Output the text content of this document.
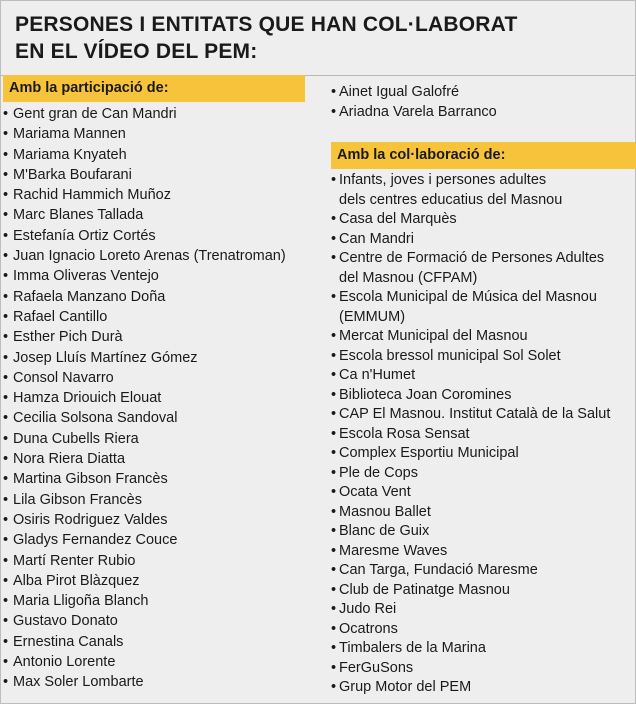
PERSONES I ENTITATS QUE HAN COL·LABORAT
EN EL VÍDEO DEL PEM:
Amb la participació de:
• Gent gran de Can Mandri
• Mariama Mannen
• Mariama Knyateh
• M'Barka Boufarani
• Rachid Hammich Muñoz
• Marc Blanes Tallada
• Estefanía Ortiz Cortés
• Juan Ignacio Loreto Arenas (Trenatroman)
• Imma Oliveras Ventejo
• Rafaela Manzano Doña
• Rafael Cantillo
• Esther Pich Durà
• Josep Lluís Martínez Gómez
• Consol Navarro
• Hamza Driouich Elouat
• Cecilia Solsona Sandoval
• Duna Cubells Riera
• Nora Riera Diatta
• Martina Gibson Francès
• Lila Gibson Francès
• Osiris Rodriguez Valdes
• Gladys Fernandez Couce
• Martí Renter Rubio
• Alba Pirot Blàzquez
• Maria Lligoña Blanch
• Gustavo Donato
• Ernestina Canals
• Antonio Lorente
• Max Soler Lombarte
• Ainet Igual Galofré
• Ariadna Varela Barranco
Amb la col·laboració de:
• Infants, joves i persones adultes
dels centres educatius del Masnou
• Casa del Marquès
• Can Mandri
• Centre de Formació de Persones Adultes
del Masnou (CFPAM)
• Escola Municipal de Música del Masnou
(EMMUM)
• Mercat Municipal del Masnou
• Escola bressol municipal Sol Solet
• Ca n'Humet
• Biblioteca Joan Coromines
• CAP El Masnou. Institut Català de la Salut
• Escola Rosa Sensat
• Complex Esportiu Municipal
• Ple de Cops
• Ocata Vent
• Masnou Ballet
• Blanc de Guix
• Maresme Waves
• Can Targa, Fundació Maresme
• Club de Patinatge Masnou
• Judo Rei
• Ocatrons
• Timbalers de la Marina
• FerGuSons
• Grup Motor del PEM
